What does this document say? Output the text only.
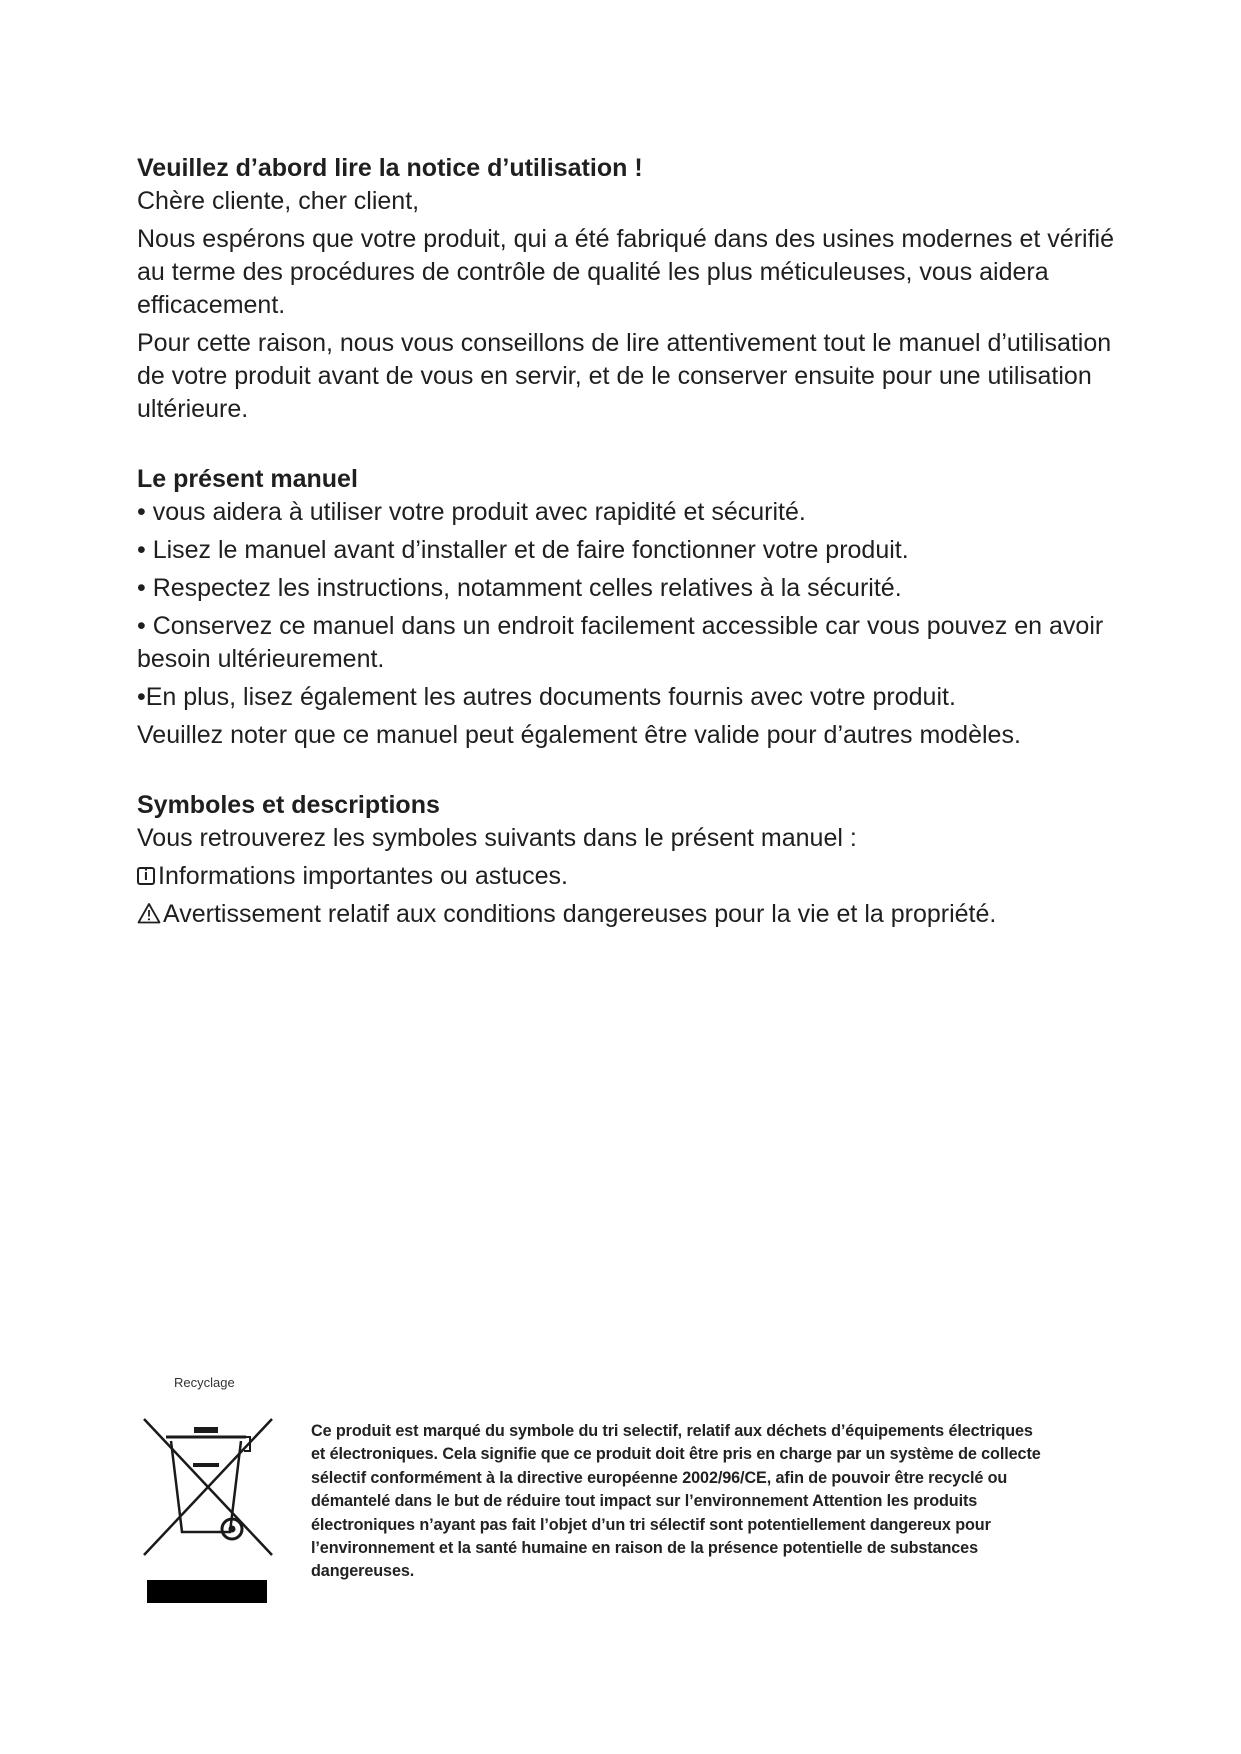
Veuillez d’abord lire la notice d’utilisation !

Chère cliente, cher client,

Nous espérons que votre produit, qui a été fabriqué dans des usines modernes et vérifié au terme des procédures de contrôle de qualité les plus méticuleuses, vous aidera efficacement.

Pour cette raison, nous vous conseillons de lire attentivement tout le manuel d’utilisation de votre produit avant de vous en servir, et de le conserver ensuite pour une utilisation ultérieure.

Le présent manuel

• vous aidera à utiliser votre produit avec rapidité et sécurité.

• Lisez le manuel avant d’installer et de faire fonctionner votre produit.

• Respectez les instructions, notamment celles relatives à la sécurité.

• Conservez ce manuel dans un endroit facilement accessible car vous pouvez en avoir besoin ultérieurement.

•En plus, lisez également les autres documents fournis avec votre produit.

Veuillez noter que ce manuel peut également être valide pour d’autres modèles.

Symboles et descriptions

Vous retrouverez les symboles suivants dans le présent manuel :

iInformations importantes ou astuces.

Avertissement relatif aux conditions dangereuses pour la vie et la propriété.

Recyclage

Ce produit est marqué du symbole du tri selectif, relatif aux déchets d’équipements électriques et électroniques. Cela signifie que ce produit doit être pris en charge par un système de collecte sélectif conformément à la directive européenne 2002/96/CE, afin de pouvoir être recyclé ou démantelé dans le but de réduire tout impact sur l’environnement Attention les produits électroniques n’ayant pas fait l’objet d’un tri sélectif sont potentiellement dangereux pour l’environnement et la santé humaine en raison de la présence potentielle de substances dangereuses.
